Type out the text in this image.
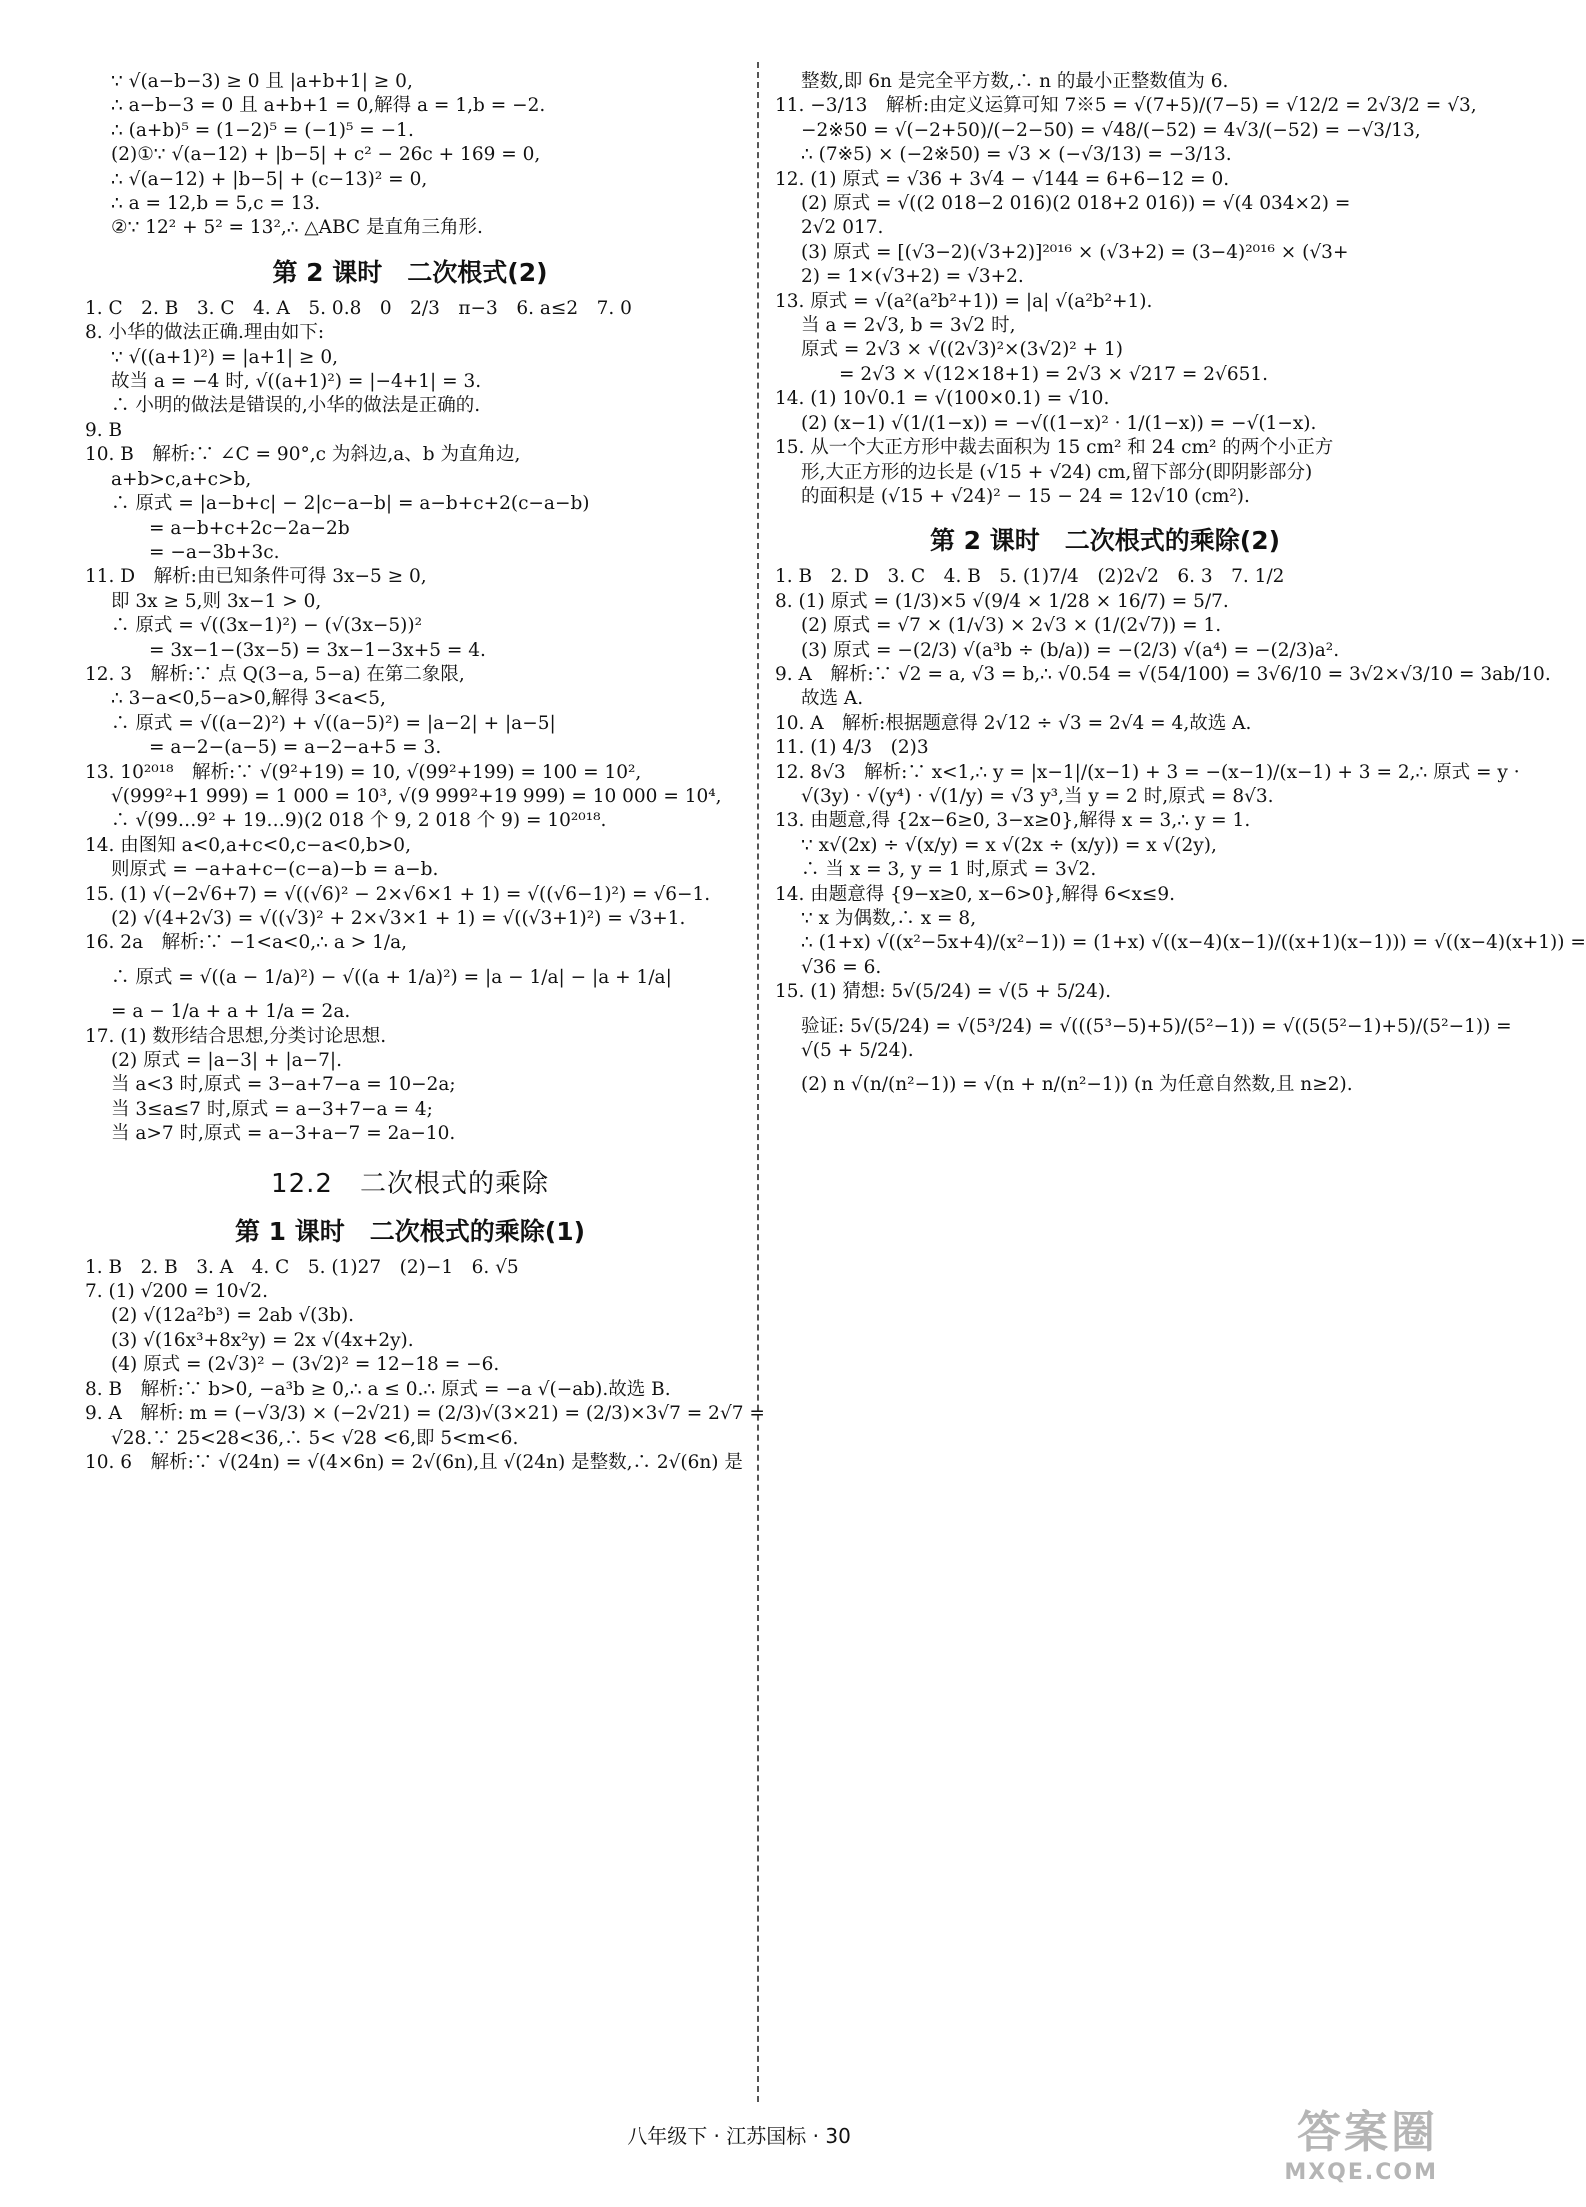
∵ √(a−b−3) ≥ 0 且 |a+b+1| ≥ 0,
∴ a−b−3 = 0 且 a+b+1 = 0,解得 a = 1,b = −2.
∴ (a+b)⁵ = (1−2)⁵ = (−1)⁵ = −1.
(2)①∵ √(a−12) + |b−5| + c² − 26c + 169 = 0,
∴ √(a−12) + |b−5| + (c−13)² = 0,
∴ a = 12,b = 5,c = 13.
②∵ 12² + 5² = 13²,∴ △ABC 是直角三角形.
第 2 课时　二次根式(2)
1. C　2. B　3. C　4. A　5. 0.8　0　2/3　π−3　6. a≤2　7. 0
8. 小华的做法正确.理由如下:
∵ √((a+1)²) = |a+1| ≥ 0,
故当 a = −4 时, √((a+1)²) = |−4+1| = 3.
∴ 小明的做法是错误的,小华的做法是正确的.
9. B
10. B　解析:∵ ∠C = 90°,c 为斜边,a、b 为直角边,
a+b>c,a+c>b,
∴ 原式 = |a−b+c| − 2|c−a−b| = a−b+c+2(c−a−b)
= a−b+c+2c−2a−2b
= −a−3b+3c.
11. D　解析:由已知条件可得 3x−5 ≥ 0,
即 3x ≥ 5,则 3x−1 > 0,
∴ 原式 = √((3x−1)²) − (√(3x−5))²
= 3x−1−(3x−5) = 3x−1−3x+5 = 4.
12. 3　解析:∵ 点 Q(3−a, 5−a) 在第二象限,
∴ 3−a<0,5−a>0,解得 3<a<5,
∴ 原式 = √((a−2)²) + √((a−5)²) = |a−2| + |a−5|
= a−2−(a−5) = a−2−a+5 = 3.
13. 10²⁰¹⁸　解析:∵ √(9²+19) = 10, √(99²+199) = 100 = 10²,
√(999²+1 999) = 1 000 = 10³, √(9 999²+19 999) = 10 000 = 10⁴,
∴ √(99…9² + 19…9)(2 018 个 9, 2 018 个 9) = 10²⁰¹⁸.
14. 由图知 a<0,a+c<0,c−a<0,b>0,
则原式 = −a+a+c−(c−a)−b = a−b.
15. (1) √(−2√6+7) = √((√6)² − 2×√6×1 + 1) = √((√6−1)²) = √6−1.
(2) √(4+2√3) = √((√3)² + 2×√3×1 + 1) = √((√3+1)²) = √3+1.
16. 2a　解析:∵ −1<a<0,∴ a > 1/a,
∴ 原式 = √((a − 1/a)²) − √((a + 1/a)²) = |a − 1/a| − |a + 1/a|
= a − 1/a + a + 1/a = 2a.
17. (1) 数形结合思想,分类讨论思想.
(2) 原式 = |a−3| + |a−7|.
当 a<3 时,原式 = 3−a+7−a = 10−2a;
当 3≤a≤7 时,原式 = a−3+7−a = 4;
当 a>7 时,原式 = a−3+a−7 = 2a−10.
12.2　二次根式的乘除
第 1 课时　二次根式的乘除(1)
1. B　2. B　3. A　4. C　5. (1)27　(2)−1　6. √5
7. (1) √200 = 10√2.
(2) √(12a²b³) = 2ab √(3b).
(3) √(16x³+8x²y) = 2x √(4x+2y).
(4) 原式 = (2√3)² − (3√2)² = 12−18 = −6.
8. B　解析:∵ b>0, −a³b ≥ 0,∴ a ≤ 0.∴ 原式 = −a √(−ab).故选 B.
9. A　解析: m = (−√3/3) × (−2√21) = (2/3)√(3×21) = (2/3)×3√7 = 2√7 =
√28.∵ 25<28<36,∴ 5< √28 <6,即 5<m<6.
10. 6　解析:∵ √(24n) = √(4×6n) = 2√(6n),且 √(24n) 是整数,∴ 2√(6n) 是
整数,即 6n 是完全平方数,∴ n 的最小正整数值为 6.
11. −3/13　解析:由定义运算可知 7※5 = √(7+5)/(7−5) = √12/2 = 2√3/2 = √3,
−2※50 = √(−2+50)/(−2−50) = √48/(−52) = 4√3/(−52) = −√3/13,
∴ (7※5) × (−2※50) = √3 × (−√3/13) = −3/13.
12. (1) 原式 = √36 + 3√4 − √144 = 6+6−12 = 0.
(2) 原式 = √((2 018−2 016)(2 018+2 016)) = √(4 034×2) =
2√2 017.
(3) 原式 = [(√3−2)(√3+2)]²⁰¹⁶ × (√3+2) = (3−4)²⁰¹⁶ × (√3+
2) = 1×(√3+2) = √3+2.
13. 原式 = √(a²(a²b²+1)) = |a| √(a²b²+1).
当 a = 2√3, b = 3√2 时,
原式 = 2√3 × √((2√3)²×(3√2)² + 1)
= 2√3 × √(12×18+1) = 2√3 × √217 = 2√651.
14. (1) 10√0.1 = √(100×0.1) = √10.
(2) (x−1) √(1/(1−x)) = −√((1−x)² · 1/(1−x)) = −√(1−x).
15. 从一个大正方形中裁去面积为 15 cm² 和 24 cm² 的两个小正方
形,大正方形的边长是 (√15 + √24) cm,留下部分(即阴影部分)
的面积是 (√15 + √24)² − 15 − 24 = 12√10 (cm²).
第 2 课时　二次根式的乘除(2)
1. B　2. D　3. C　4. B　5. (1)7/4　(2)2√2　6. 3　7. 1/2
8. (1) 原式 = (1/3)×5 √(9/4 × 1/28 × 16/7) = 5/7.
(2) 原式 = √7 × (1/√3) × 2√3 × (1/(2√7)) = 1.
(3) 原式 = −(2/3) √(a³b ÷ (b/a)) = −(2/3) √(a⁴) = −(2/3)a².
9. A　解析:∵ √2 = a, √3 = b,∴ √0.54 = √(54/100) = 3√6/10 = 3√2×√3/10 = 3ab/10.
故选 A.
10. A　解析:根据题意得 2√12 ÷ √3 = 2√4 = 4,故选 A.
11. (1) 4/3　(2)3
12. 8√3　解析:∵ x<1,∴ y = |x−1|/(x−1) + 3 = −(x−1)/(x−1) + 3 = 2,∴ 原式 = y ·
√(3y) · √(y⁴) · √(1/y) = √3 y³,当 y = 2 时,原式 = 8√3.
13. 由题意,得 {2x−6≥0, 3−x≥0},解得 x = 3,∴ y = 1.
∵ x√(2x) ÷ √(x/y) = x √(2x ÷ (x/y)) = x √(2y),
∴ 当 x = 3, y = 1 时,原式 = 3√2.
14. 由题意得 {9−x≥0, x−6>0},解得 6<x≤9.
∵ x 为偶数,∴ x = 8,
∴ (1+x) √((x²−5x+4)/(x²−1)) = (1+x) √((x−4)(x−1)/((x+1)(x−1))) = √((x−4)(x+1)) =
√36 = 6.
15. (1) 猜想: 5√(5/24) = √(5 + 5/24).
验证: 5√(5/24) = √(5³/24) = √(((5³−5)+5)/(5²−1)) = √((5(5²−1)+5)/(5²−1)) =
√(5 + 5/24).
(2) n √(n/(n²−1)) = √(n + n/(n²−1)) (n 为任意自然数,且 n≥2).
八年级下 · 江苏国标 · 30	答案圈
MXQE.COM
